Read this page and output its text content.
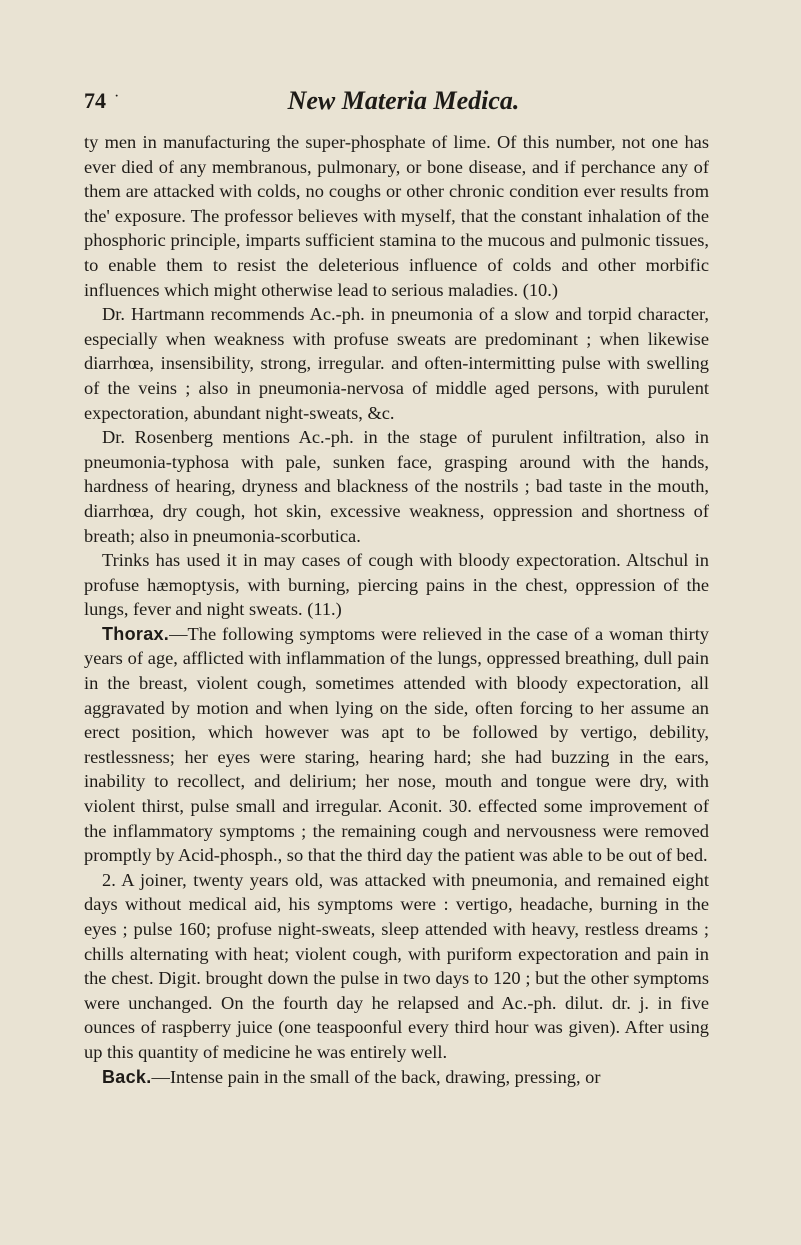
74 ·	New Materia Medica.

ty men in manufacturing the super-phosphate of lime. Of this number, not one has ever died of any membranous, pulmonary, or bone disease, and if perchance any of them are attacked with colds, no coughs or other chronic condition ever results from the' exposure. The professor believes with myself, that the constant inhalation of the phosphoric principle, imparts sufficient stamina to the mucous and pulmonic tissues, to enable them to resist the deleterious influence of colds and other morbific influences which might otherwise lead to serious maladies. (10.)

Dr. Hartmann recommends Ac.-ph. in pneumonia of a slow and torpid character, especially when weakness with profuse sweats are predominant ; when likewise diarrhœa, insensibility, strong, irregular. and often-intermitting pulse with swelling of the veins ; also in pneumonia-nervosa of middle aged persons, with purulent expectoration, abundant night-sweats, &c.

Dr. Rosenberg mentions Ac.-ph. in the stage of purulent infiltration, also in pneumonia-typhosa with pale, sunken face, grasping around with the hands, hardness of hearing, dryness and blackness of the nostrils ; bad taste in the mouth, diarrhœa, dry cough, hot skin, excessive weakness, oppression and shortness of breath; also in pneumonia-scorbutica.

Trinks has used it in may cases of cough with bloody expectoration. Altschul in profuse hæmoptysis, with burning, piercing pains in the chest, oppression of the lungs, fever and night sweats. (11.)

Thorax.—The following symptoms were relieved in the case of a woman thirty years of age, afflicted with inflammation of the lungs, oppressed breathing, dull pain in the breast, violent cough, sometimes attended with bloody expectoration, all aggravated by motion and when lying on the side, often forcing to her assume an erect position, which however was apt to be followed by vertigo, debility, restlessness; her eyes were staring, hearing hard; she had buzzing in the ears, inability to recollect, and delirium; her nose, mouth and tongue were dry, with violent thirst, pulse small and irregular. Aconit. 30. effected some improvement of the inflammatory symptoms ; the remaining cough and nervousness were removed promptly by Acid-phosph., so that the third day the patient was able to be out of bed.

2. A joiner, twenty years old, was attacked with pneumonia, and remained eight days without medical aid, his symptoms were : vertigo, headache, burning in the eyes ; pulse 160; profuse night-sweats, sleep attended with heavy, restless dreams ; chills alternating with heat; violent cough, with puriform expectoration and pain in the chest. Digit. brought down the pulse in two days to 120 ; but the other symptoms were unchanged. On the fourth day he relapsed and Ac.-ph. dilut. dr. j. in five ounces of raspberry juice (one teaspoonful every third hour was given). After using up this quantity of medicine he was entirely well.

Back.—Intense pain in the small of the back, drawing, pressing, or
